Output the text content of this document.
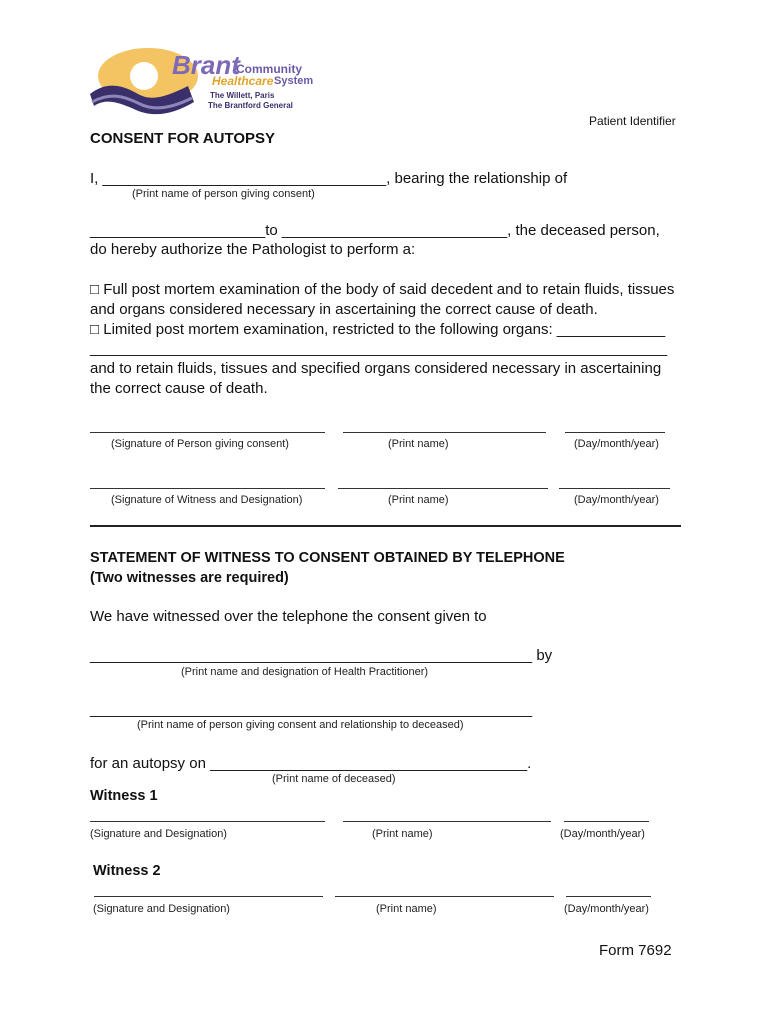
Brant
Community
Healthcare System
The Willett, Paris
The Brantford General
Patient Identifier
CONSENT FOR AUTOPSY
I, __________________________________, bearing the relationship of
(Print name of person giving consent)
_____________________to ___________________________, the deceased person,
do hereby authorize the Pathologist to perform a:
□ Full post mortem examination of the body of said decedent and to retain fluids, tissues
and organs considered necessary in ascertaining the correct cause of death.
□ Limited post mortem examination, restricted to the following organs: _____________
______________________________________________________________________
and to retain fluids, tissues and specified organs considered necessary in ascertaining
the correct cause of death.
(Signature of Person giving consent)	(Print name)	(Day/month/year)
(Signature of Witness and Designation)	(Print name)	(Day/month/year)
STATEMENT OF WITNESS TO CONSENT OBTAINED BY TELEPHONE
(Two witnesses are required)
We have witnessed over the telephone the consent given to
_____________________________________________________ by
(Print name and designation of Health Practitioner)
_____________________________________________________
(Print name of person giving consent and relationship to deceased)
for an autopsy on ______________________________________.
(Print name of deceased)
Witness 1
(Signature and Designation)	(Print name)	(Day/month/year)
Witness 2
(Signature and Designation)	(Print name)	(Day/month/year)
Form 7692
